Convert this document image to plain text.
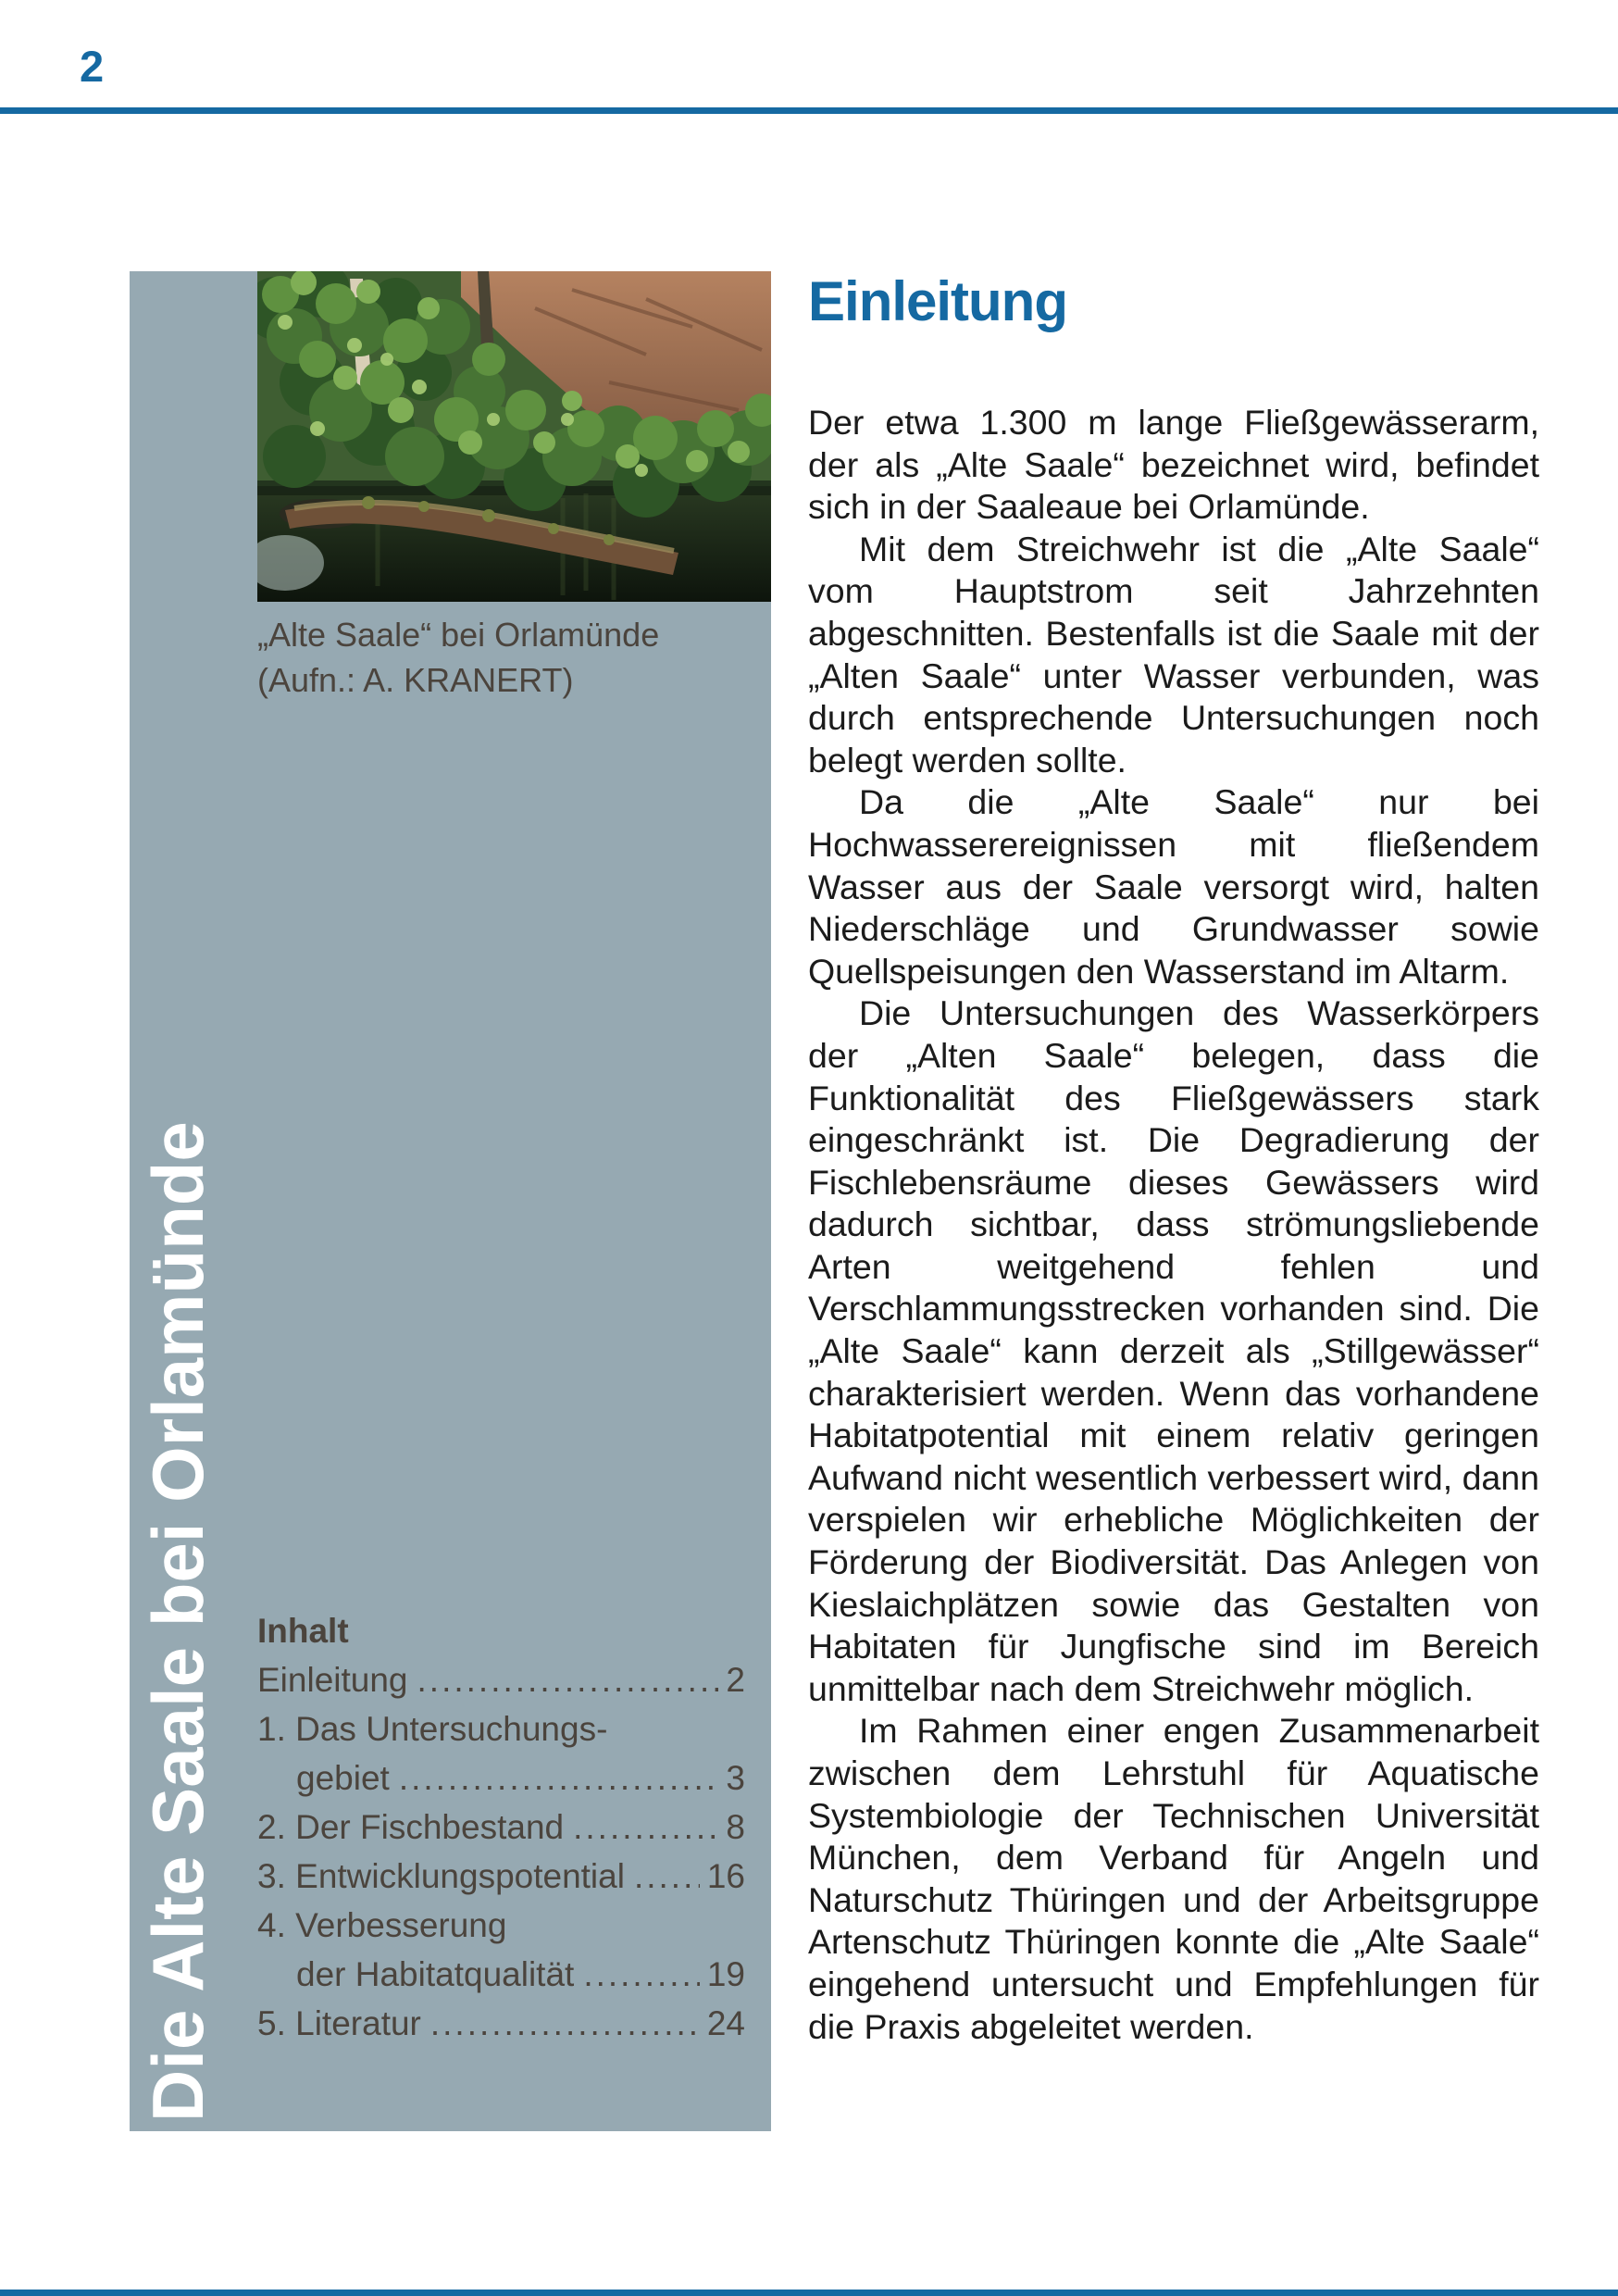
2
„Alte Saale“ bei Orlamünde
(Aufn.: A. KRANERT)
Die Alte Saale bei Orlamünde Inhalt
Einleitung .....	2
1. Das Untersuchungs-
gebiet .....	3
2. Der Fischbestand .....	8
3. Entwicklungspotential ..... 16
4. Verbesserung
der Habitatqualität .....	19
5. Literatur .....	24
Einleitung

Der etwa 1.300 m lange Fließgewässerarm, der als „Alte Saale“ bezeichnet wird, befindet sich in der Saaleaue bei Orlamünde.

Mit dem Streichwehr ist die „Alte Saale“ vom Hauptstrom seit Jahrzehnten abgeschnitten. Bestenfalls ist die Saale mit der „Alten Saale“ unter Wasser verbunden, was durch entsprechende Untersuchungen noch belegt werden sollte.

Da die „Alte Saale“ nur bei Hochwasserereignissen mit fließendem Wasser aus der Saale versorgt wird, halten Niederschläge und Grundwasser sowie Quellspeisungen den Wasserstand im Altarm.

Die Untersuchungen des Wasserkörpers der „Alten Saale“ belegen, dass die Funktionalität des Fließgewässers stark eingeschränkt ist. Die Degradierung der Fischlebensräume dieses Gewässers wird dadurch sichtbar, dass strömungsliebende Arten weitgehend fehlen und Verschlammungsstrecken vorhanden sind. Die „Alte Saale“ kann derzeit als „Stillgewässer“ charakterisiert werden. Wenn das vorhandene Habitatpotential mit einem relativ geringen Aufwand nicht wesentlich verbessert wird, dann verspielen wir erhebliche Möglichkeiten der Förderung der Biodiversität. Das Anlegen von Kieslaichplätzen sowie das Gestalten von Habitaten für Jungfische sind im Bereich unmittelbar nach dem Streichwehr möglich.

Im Rahmen einer engen Zusammenarbeit zwischen dem Lehrstuhl für Aquatische Systembiologie der Technischen Universität München, dem Verband für Angeln und Naturschutz Thüringen und der Arbeitsgruppe Artenschutz Thüringen konnte die „Alte Saale“ eingehend untersucht und Empfehlungen für die Praxis abgeleitet werden.
